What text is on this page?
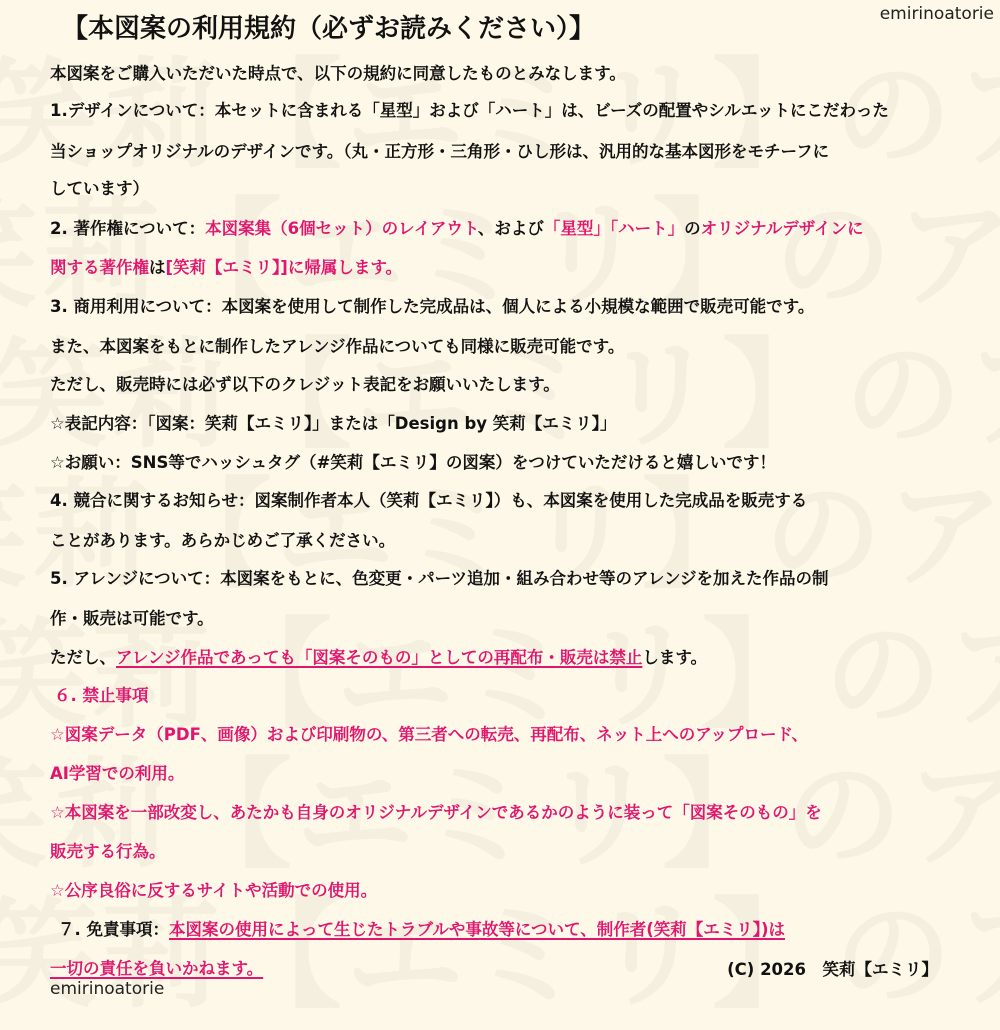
emirinoatorie
【本図案の利用規約（必ずお読みください）】
本図案をご購入いただいた時点で、以下の規約に同意したものとみなします。
1.デザインについて：本セットに含まれる「星型」および「ハート」は、ビーズの配置やシルエットにこだわった
当ショップオリジナルのデザインです。（丸・正方形・三角形・ひし形は、汎用的な基本図形をモチーフに
しています）
2. 著作権について：本図案集（6個セット）のレイアウト、および「星型」「ハート」のオリジナルデザインに
関する著作権は[笑莉【エミリ】]に帰属します。
3. 商用利用について：本図案を使用して制作した完成品は、個人による小規模な範囲で販売可能です。
また、本図案をもとに制作したアレンジ作品についても同様に販売可能です。
ただし、販売時には必ず以下のクレジット表記をお願いいたします。
☆表記内容：「図案：笑莉【エミリ】」または「Design by 笑莉【エミリ】」
☆お願い：SNS等でハッシュタグ（#笑莉【エミリ】の図案）をつけていただけると嬉しいです！
4. 競合に関するお知らせ：図案制作者本人（笑莉【エミリ】）も、本図案を使用した完成品を販売する
ことがあります。あらかじめご了承ください。
5. アレンジについて：本図案をもとに、色変更・パーツ追加・組み合わせ等のアレンジを加えた作品の制
作・販売は可能です。
ただし、アレンジ作品であっても「図案そのもの」としての再配布・販売は禁止します。
６. 禁止事項
☆図案データ（PDF、画像）および印刷物の、第三者への転売、再配布、ネット上へのアップロード、
AI学習での利用。
☆本図案を一部改変し、あたかも自身のオリジナルデザインであるかのように装って「図案そのもの」を
販売する行為。
☆公序良俗に反するサイトや活動での使用。
７. 免責事項：本図案の使用によって生じたトラブルや事故等について、制作者(笑莉【エミリ】)は
一切の責任を負いかねます。	(C) 2026　笑莉【エミリ】
emirinoatorie
